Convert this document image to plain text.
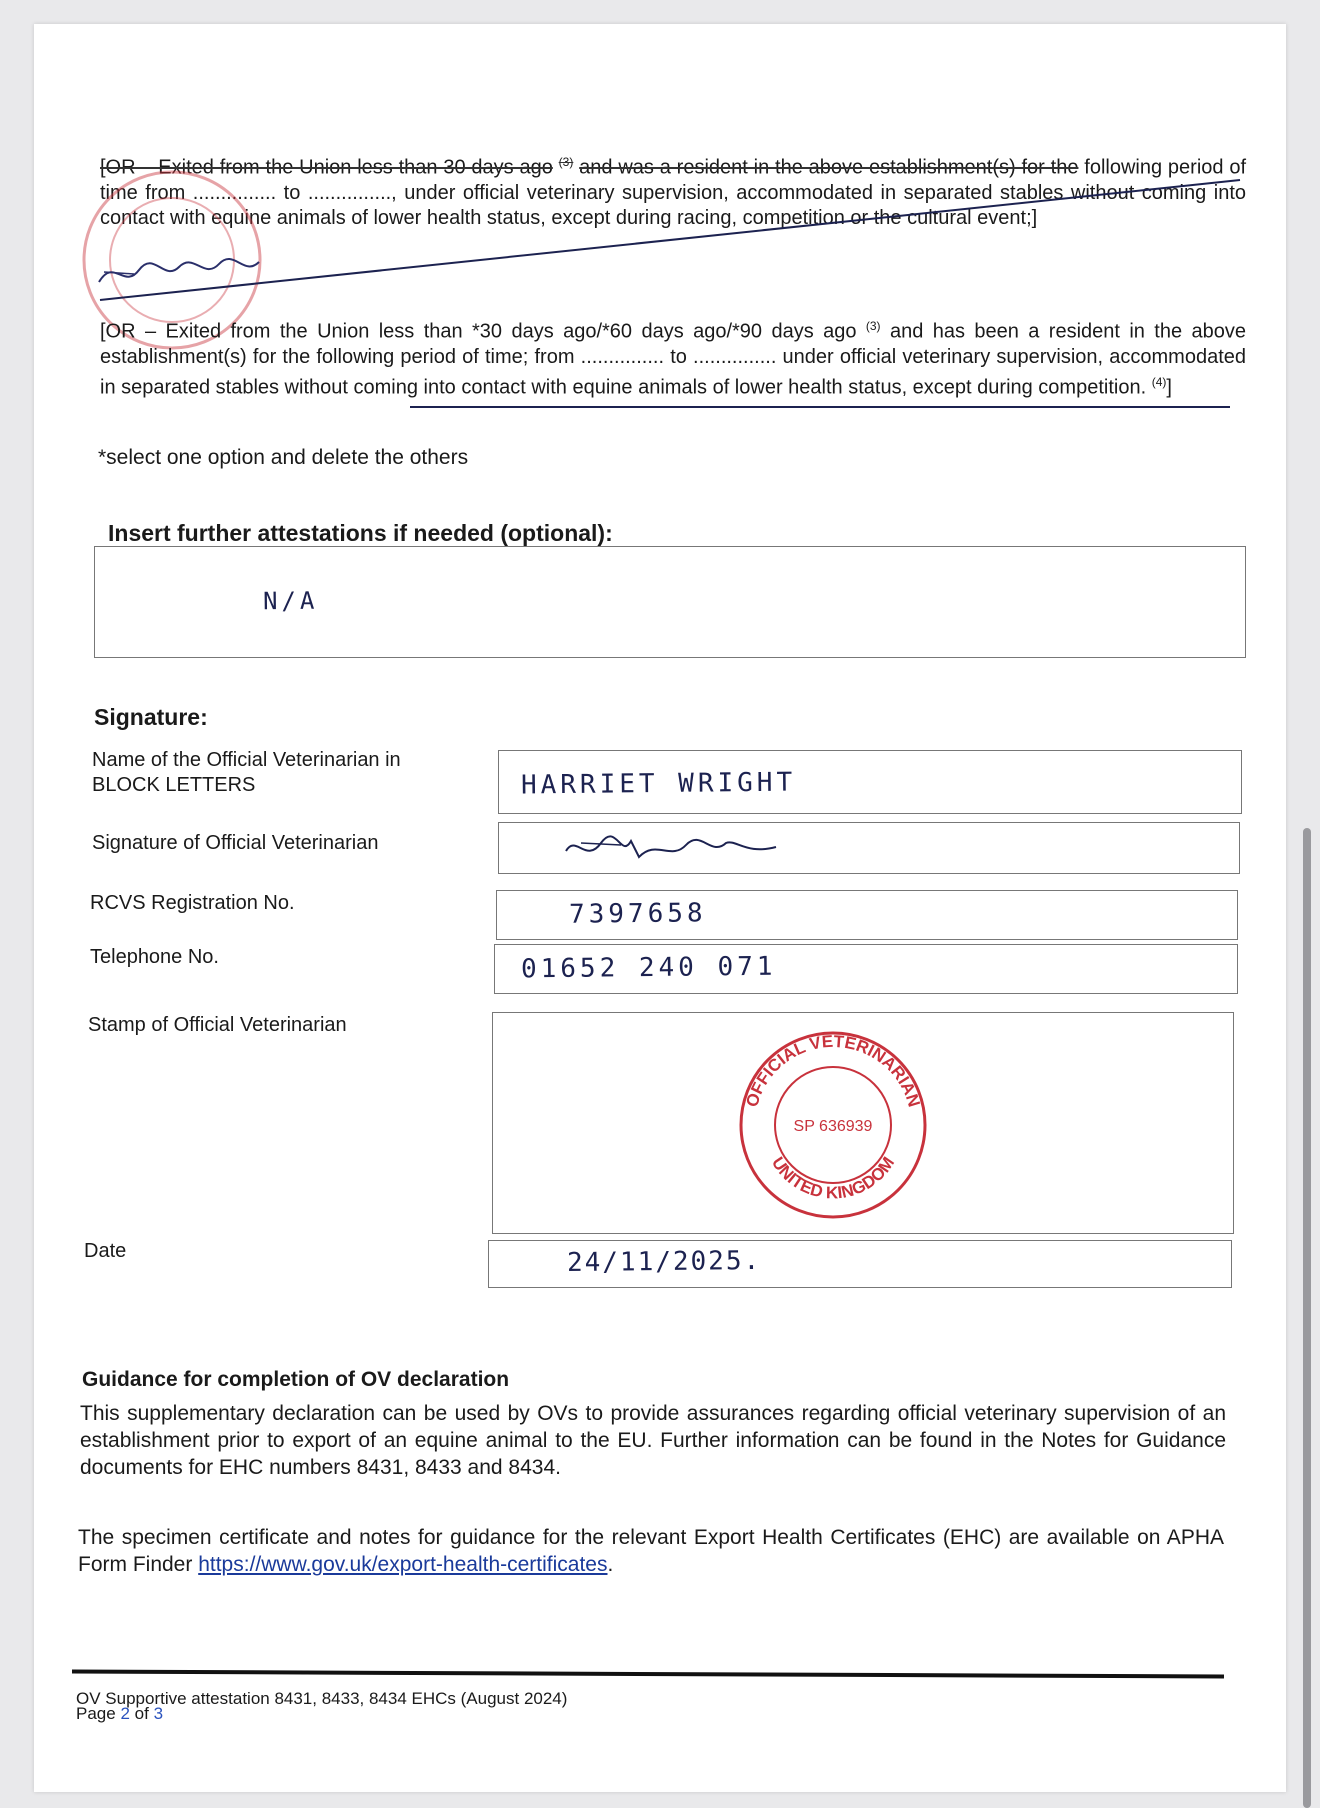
[OR – Exited from the Union less than 30 days ago $^{(3)}$ and was a resident in the above establishment(s) for the following period of time from ............... to ..............., under official veterinary supervision, accommodated in separated stables without coming into contact with equine animals of lower health status, except during racing, competition or the cultural event;]

[OR – Exited from the Union less than *30 days ago/*60 days ago/*90 days ago $^{(3)}$ and has been a resident in the above establishment(s) for the following period of time; from ............... to ............... under official veterinary supervision, accommodated in separated stables without coming into contact with equine animals of lower health status, except during competition. $^{(4)}$]

*select one option and delete the others
Insert further attestations if needed (optional):
N/A
Signature:
Name of the Official Veterinarian in BLOCK LETTERS	HARRIET WRIGHT
Signature of Official Veterinarian
RCVS Registration No.	7397658
Telephone No.	01652 240 071
Stamp of Official Veterinarian
OFFICIAL VETERINARIAN
UNITED KINGDOM
SP 636939
Date	24/11/2025.
Guidance for completion of OV declaration

This supplementary declaration can be used by OVs to provide assurances regarding official veterinary supervision of an establishment prior to export of an equine animal to the EU. Further information can be found in the Notes for Guidance documents for EHC numbers 8431, 8433 and 8434.

The specimen certificate and notes for guidance for the relevant Export Health Certificates (EHC) are available on APHA Form Finder https://www.gov.uk/export-health-certificates.

OV Supportive attestation 8431, 8433, 8434 EHCs (August 2024)
Page 2 of 3
